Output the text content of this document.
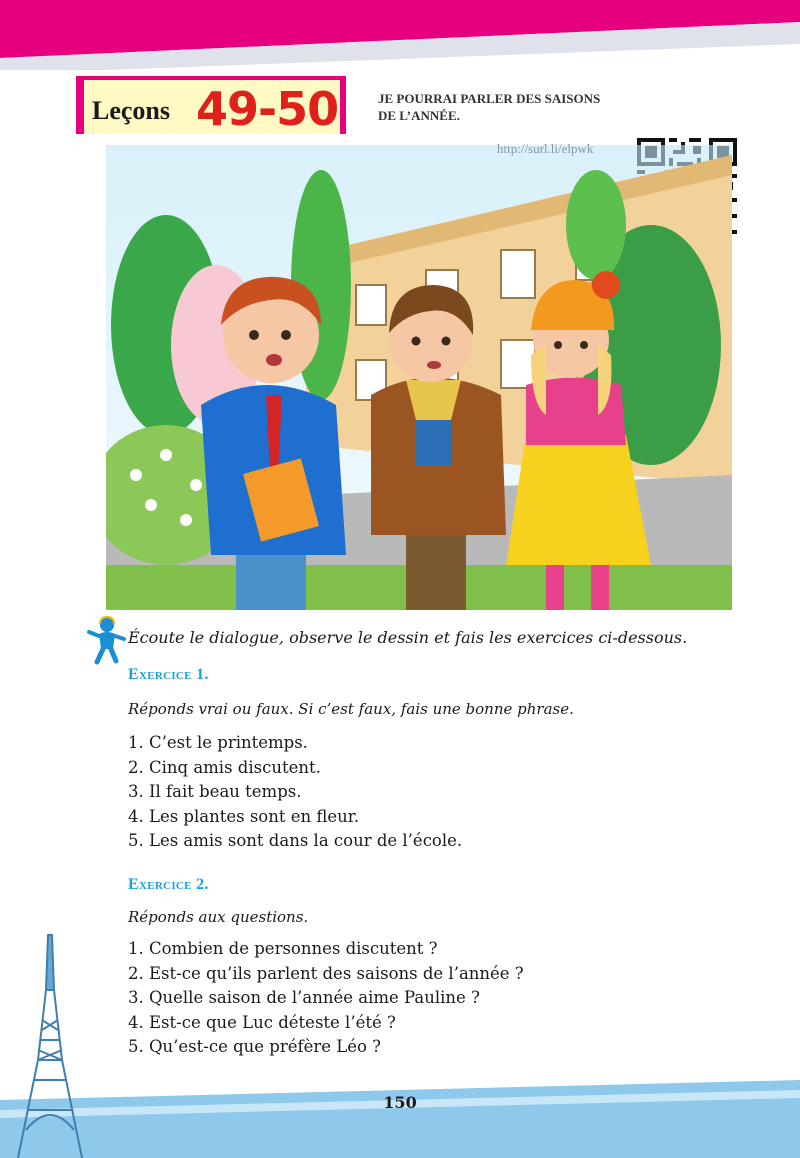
Leçons 49-50	JE POURRAI PARLER DES SAISONS
DE L’ANNÉE.
Écoute le dialogue, observe le dessin et fais les exercices ci-dessous.
Exercice 1.
Réponds vrai ou faux. Si c’est faux, fais une bonne phrase.
1. C’est le printemps.
2. Cinq amis discutent.
3. Il fait beau temps.
4. Les plantes sont en fleur.
5. Les amis sont dans la cour de l’école.
Exercice 2.
Réponds aux questions.
1. Combien de personnes discutent ?
2. Est-ce qu’ils parlent des saisons de l’année ?
3. Quelle saison de l’année aime Pauline ?
4. Est-ce que Luc déteste l’été ?
5. Qu’est-ce que préfère Léo ?
150
